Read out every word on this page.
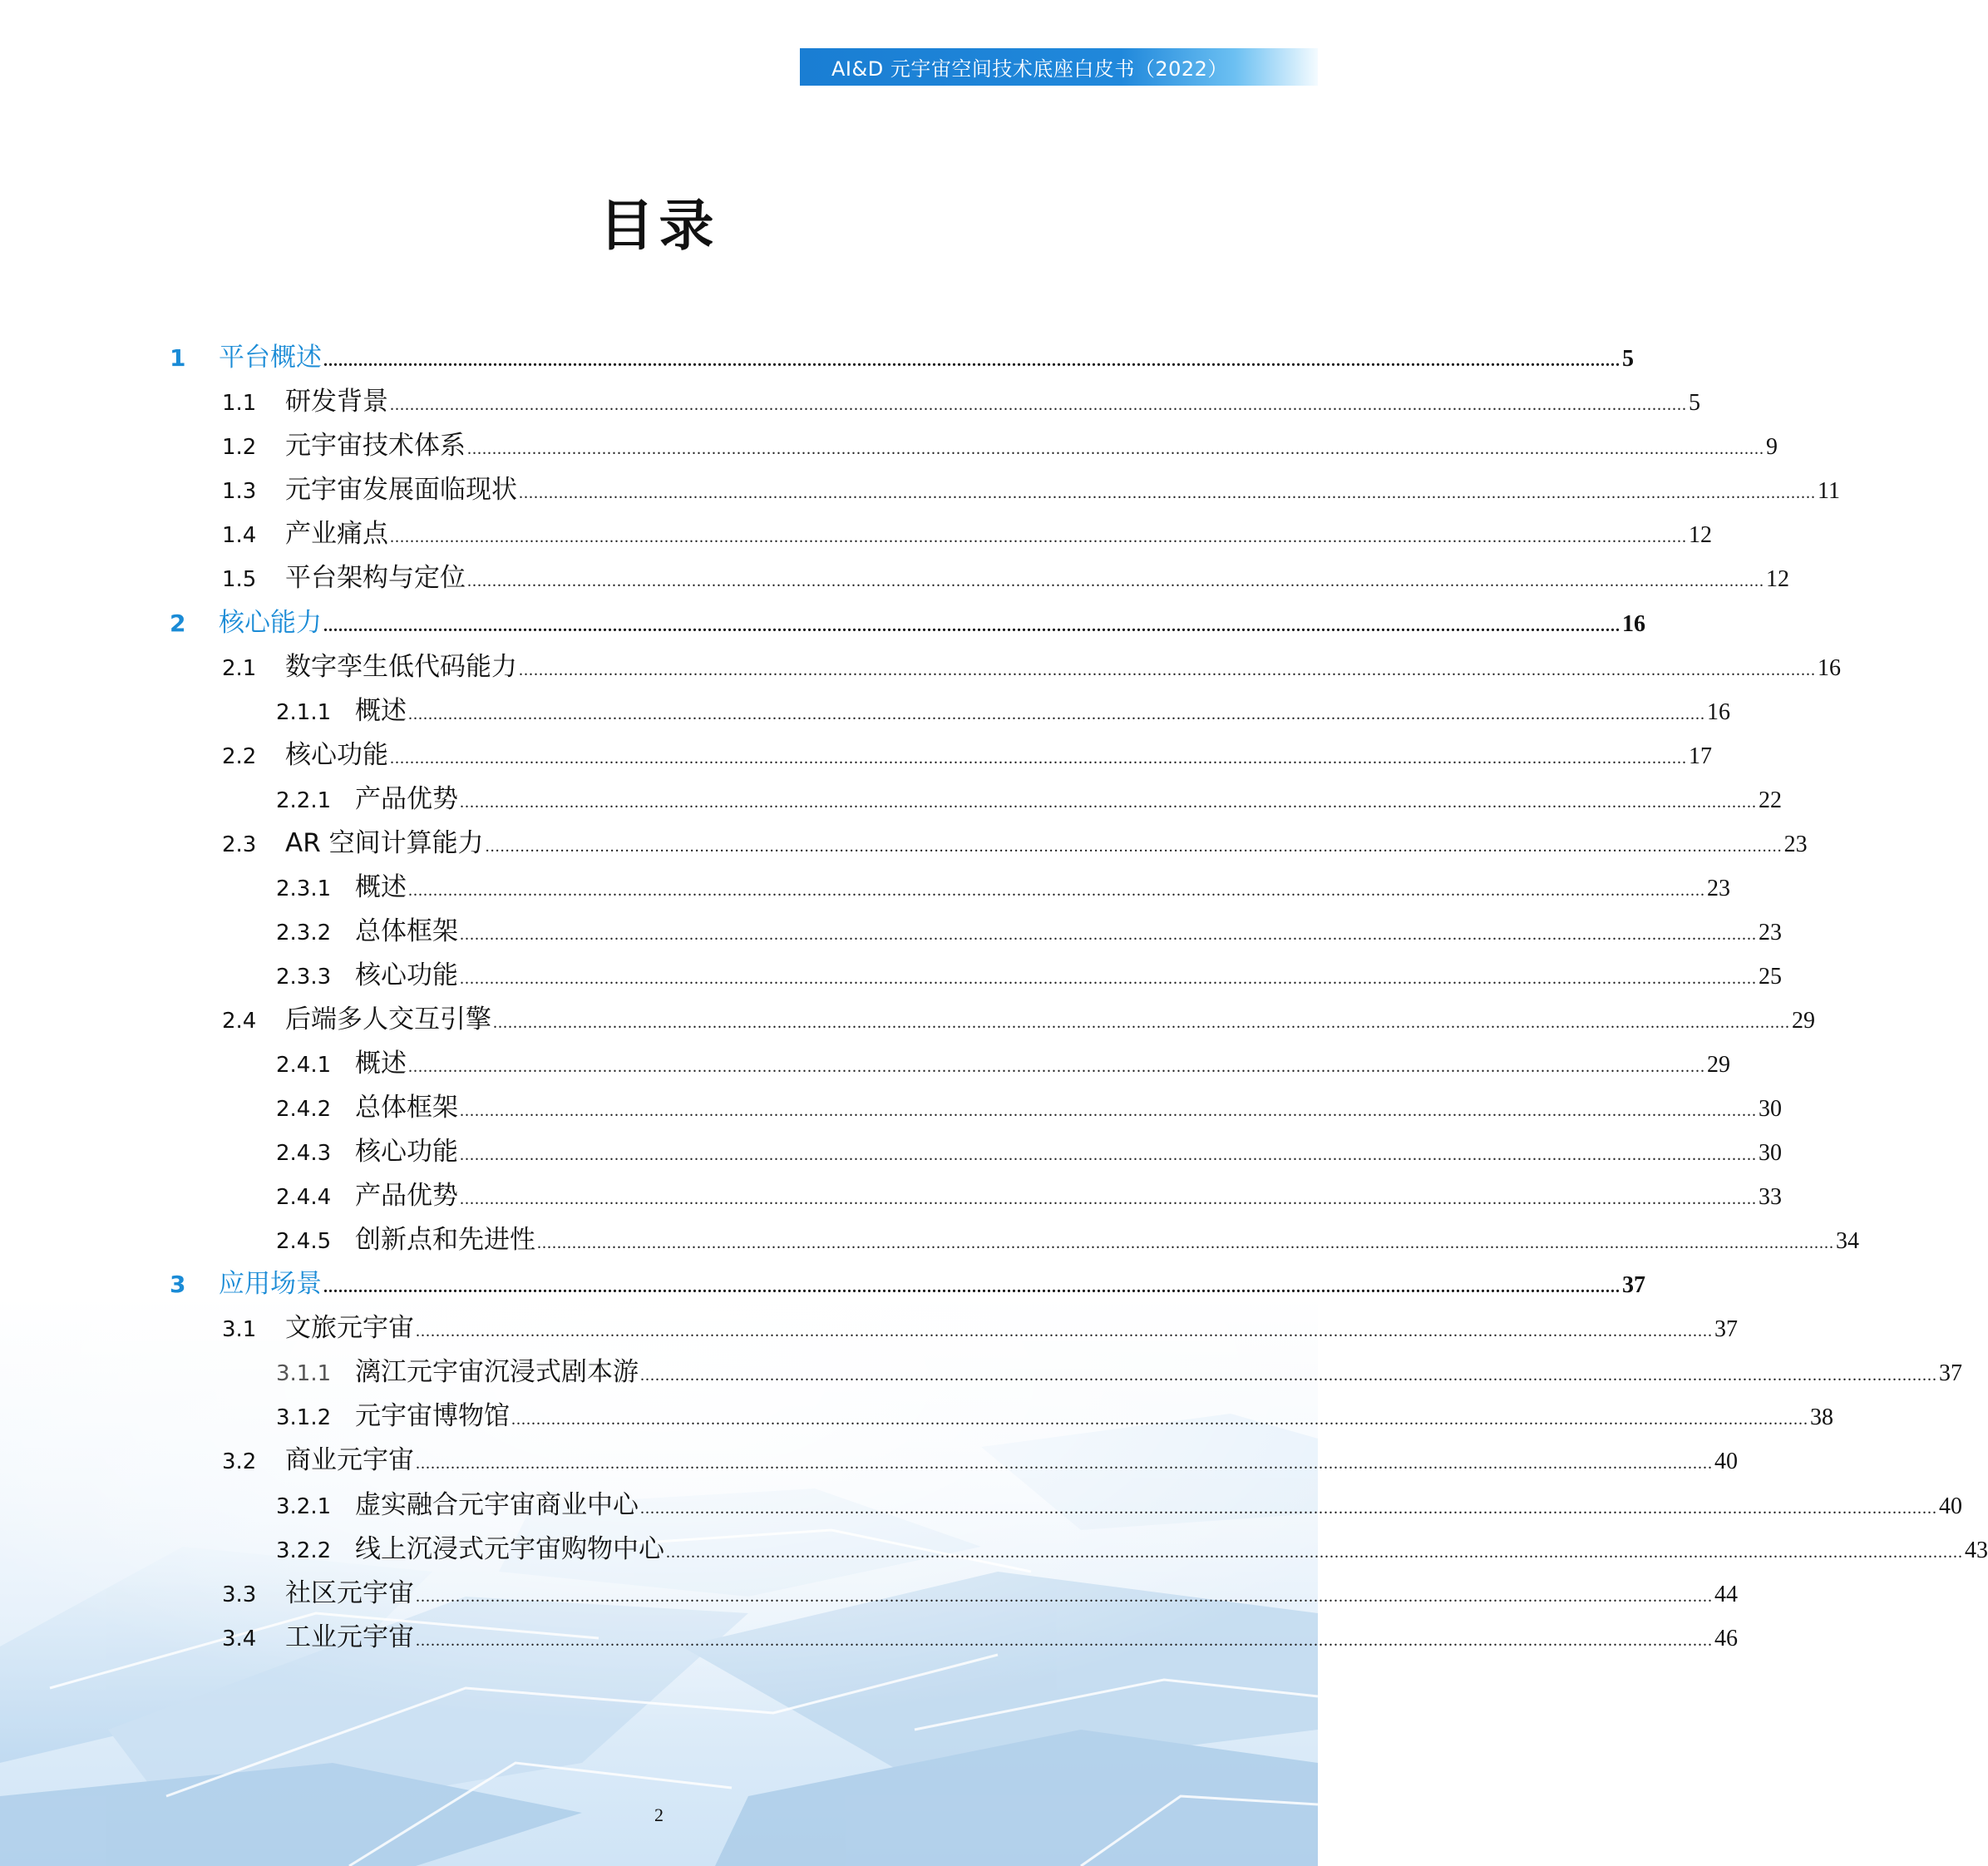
AI&D 元宇宙空间技术底座白皮书（2022）
目录
1	平台概述 .................................................................................................................................................................................................................................................................... 5
1.1	研发背景 .................................................................................................................................................................................................................................................................... 5
1.2	元宇宙技术体系 .................................................................................................................................................................................................................................................................... 9
1.3	元宇宙发展面临现状 .................................................................................................................................................................................................................................................................... 11
1.4	产业痛点 .................................................................................................................................................................................................................................................................... 12
1.5	平台架构与定位 .................................................................................................................................................................................................................................................................... 12
2	核心能力 .................................................................................................................................................................................................................................................................... 16
2.1	数字孪生低代码能力 .................................................................................................................................................................................................................................................................... 16
2.1.1 概述 .................................................................................................................................................................................................................................................................... 16
2.2	核心功能 .................................................................................................................................................................................................................................................................... 17
2.2.1 产品优势 .................................................................................................................................................................................................................................................................... 22
2.3	AR 空间计算能力 .................................................................................................................................................................................................................................................................... 23
2.3.1 概述 .................................................................................................................................................................................................................................................................... 23
2.3.2 总体框架 .................................................................................................................................................................................................................................................................... 23
2.3.3 核心功能 .................................................................................................................................................................................................................................................................... 25
2.4	后端多人交互引擎 .................................................................................................................................................................................................................................................................... 29
2.4.1 概述 .................................................................................................................................................................................................................................................................... 29
2.4.2 总体框架 .................................................................................................................................................................................................................................................................... 30
2.4.3 核心功能 .................................................................................................................................................................................................................................................................... 30
2.4.4 产品优势 .................................................................................................................................................................................................................................................................... 33
2.4.5 创新点和先进性 .................................................................................................................................................................................................................................................................... 34
3	应用场景 .................................................................................................................................................................................................................................................................... 37
3.1	文旅元宇宙 .................................................................................................................................................................................................................................................................... 37
3.1.1 漓江元宇宙沉浸式剧本游 .................................................................................................................................................................................................................................................................... 37
3.1.2 元宇宙博物馆 .................................................................................................................................................................................................................................................................... 38
3.2	商业元宇宙 .................................................................................................................................................................................................................................................................... 40
3.2.1 虚实融合元宇宙商业中心 .................................................................................................................................................................................................................................................................... 40
3.2.2 线上沉浸式元宇宙购物中心 .................................................................................................................................................................................................................................................................... 43
3.3	社区元宇宙 .................................................................................................................................................................................................................................................................... 44
3.4	工业元宇宙 .................................................................................................................................................................................................................................................................... 46
2
